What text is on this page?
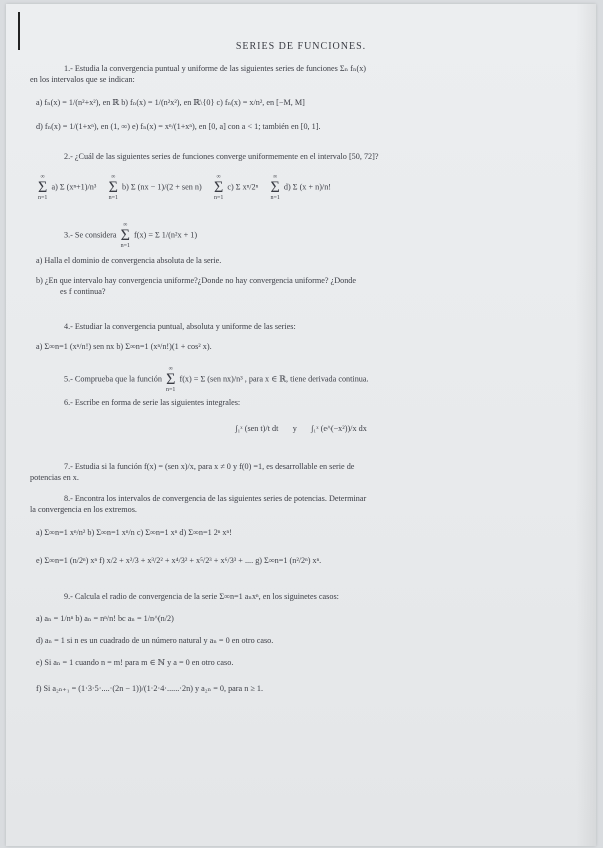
SERIES DE FUNCIONES.
1.- Estudia la convergencia puntual y uniforme de las siguientes series de funciones Σₙ fₙ(x)
en los intervalos que se indican:
a) fₙ(x) = 1/(n²+x²), en ℝ b) fₙ(x) = 1/(n²x²), en ℝ\{0} c) fₙ(x) = x/n², en [−M, M]
d) fₙ(x) = 1/(1+xⁿ), en (1, ∞) e) fₙ(x) = xⁿ/(1+xⁿ), en [0, a] con a < 1; también en [0, 1].
2.- ¿Cuál de las siguientes series de funciones converge uniformemente en el intervalo [50, 72]?
∞
Σ
n=1 a) Σ (xⁿ+1)/n³     ∞
Σ
n=1 b) Σ (nx − 1)/(2 + sen n)     ∞
Σ
n=1 c) Σ xⁿ/2ⁿ     ∞
Σ
n=1 d) Σ (x + n)/n!
3.- Se considera ∞
Σ
n=1 f(x) = Σ 1/(n²x + 1)
a) Halla el dominio de convergencia absoluta de la serie.
b) ¿En que intervalo hay convergencia uniforme?¿Donde no hay convergencia uniforme? ¿Donde
es f continua?
4.- Estudiar la convergencia puntual, absoluta y uniforme de las series:
a) Σ∞n=1 (xⁿ/n!) sen nx b) Σ∞n=1 (xⁿ/n!)(1 + cos² x).
5.- Comprueba que la función ∞
Σ
n=1 f(x) = Σ (sen nx)/n³ , para x ∈ ℝ, tiene derivada continua.
6.- Escribe en forma de serie las siguientes integrales:
∫₁ˣ (sen t)/t dt y ∫₁ˣ (e^(−x²))/x dx
7.- Estudia si la función f(x) = (sen x)/x, para x ≠ 0 y f(0) =1, es desarrollable en serie de
potencias en x.
8.- Encontra los intervalos de convergencia de las siguientes series de potencias. Determinar
la convergencia en los extremos.
a) Σ∞n=1 xⁿ/n² b) Σ∞n=1 xⁿ/n c) Σ∞n=1 xⁿ d) Σ∞n=1 2ⁿ xⁿ!
e) Σ∞n=1 (n/2ⁿ) xⁿ f) x/2 + x²/3 + x³/2² + x⁴/3² + x⁵/2³ + x⁶/3³ + .... g) Σ∞n=1 (n²/2ⁿ) xⁿ.
9.- Calcula el radio de convergencia de la serie Σ∞n=1 aₙxⁿ, en los siguinetes casos:
a) aₙ = 1/nⁿ b) aₙ = nⁿ/n! bc aₙ = 1/n^(n/2)
d) aₙ = 1 si n es un cuadrado de un número natural y aₙ = 0 en otro caso.
e) Si aₙ = 1 cuando n = m! para m ∈ ℕ y a = 0 en otro caso.
f) Si a₂ₙ₊₁ = (1·3·5·....·(2n − 1))/(1·2·4·......·2n) y a₂ₙ = 0, para n ≥ 1.
